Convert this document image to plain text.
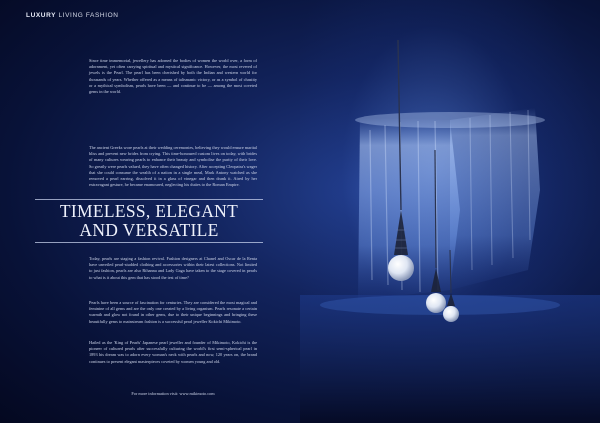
LUXURY LIVING FASHION

Since time immemorial, jewellery has adorned the bodies of women the world over, a form of adornment, yet often carrying spiritual and mystical significance. However, the most revered of jewels is the Pearl. The pearl has been cherished by both the Indian and western world for thousands of years. Whether offered as a means of talismanic victory, or as a symbol of chastity or a mythical symbolism, pearls have been — and continue to be — among the most coveted gems in the world.

The ancient Greeks wore pearls at their wedding ceremonies, believing they would ensure marital bliss and prevent new brides from crying. This time-honoured custom lives on today, with brides of many cultures wearing pearls to enhance their beauty and symbolise the purity of their love. So greatly were pearls valued, they have often changed history. After accepting Cleopatra's wager that she could consume the wealth of a nation in a single meal, Mark Antony watched as she removed a pearl earring, dissolved it in a glass of vinegar and then drank it. Aired by her extravagant gesture, he became enamoured, neglecting his duties to the Roman Empire.

TIMELESS, ELEGANT
AND VERSATILE

Today, pearls are staging a fashion revival. Fashion designers at Chanel and Oscar de la Renta have unveiled pearl-studded clothing and accessories within their latest collections. Not limited to just fashion, pearls are also Rihanna and Lady Gaga have taken to the stage covered in pearls to what is it about this gem that has stood the test of time?

Pearls have been a source of fascination for centuries. They are considered the most magical and feminine of all gems and are the only one created by a living organism. Pearls resonate a certain warmth and glow not found in other gems, due to their unique beginnings and bringing these beautifully gems to mainstream fashion is a successful pearl jeweller Kokichi Mikimoto.

Hailed as the 'King of Pearls' Japanese pearl jeweller and founder of Mikimoto, Kokichi is the pioneer of cultured pearls after successfully culturing the world's first semi-spherical pearl in 1893 his dream was to adorn every woman's neck with pearls and now, 120 years on, the brand continues to present elegant masterpieces coveted by women young and old.

For more information visit: www.mikimoto.com
